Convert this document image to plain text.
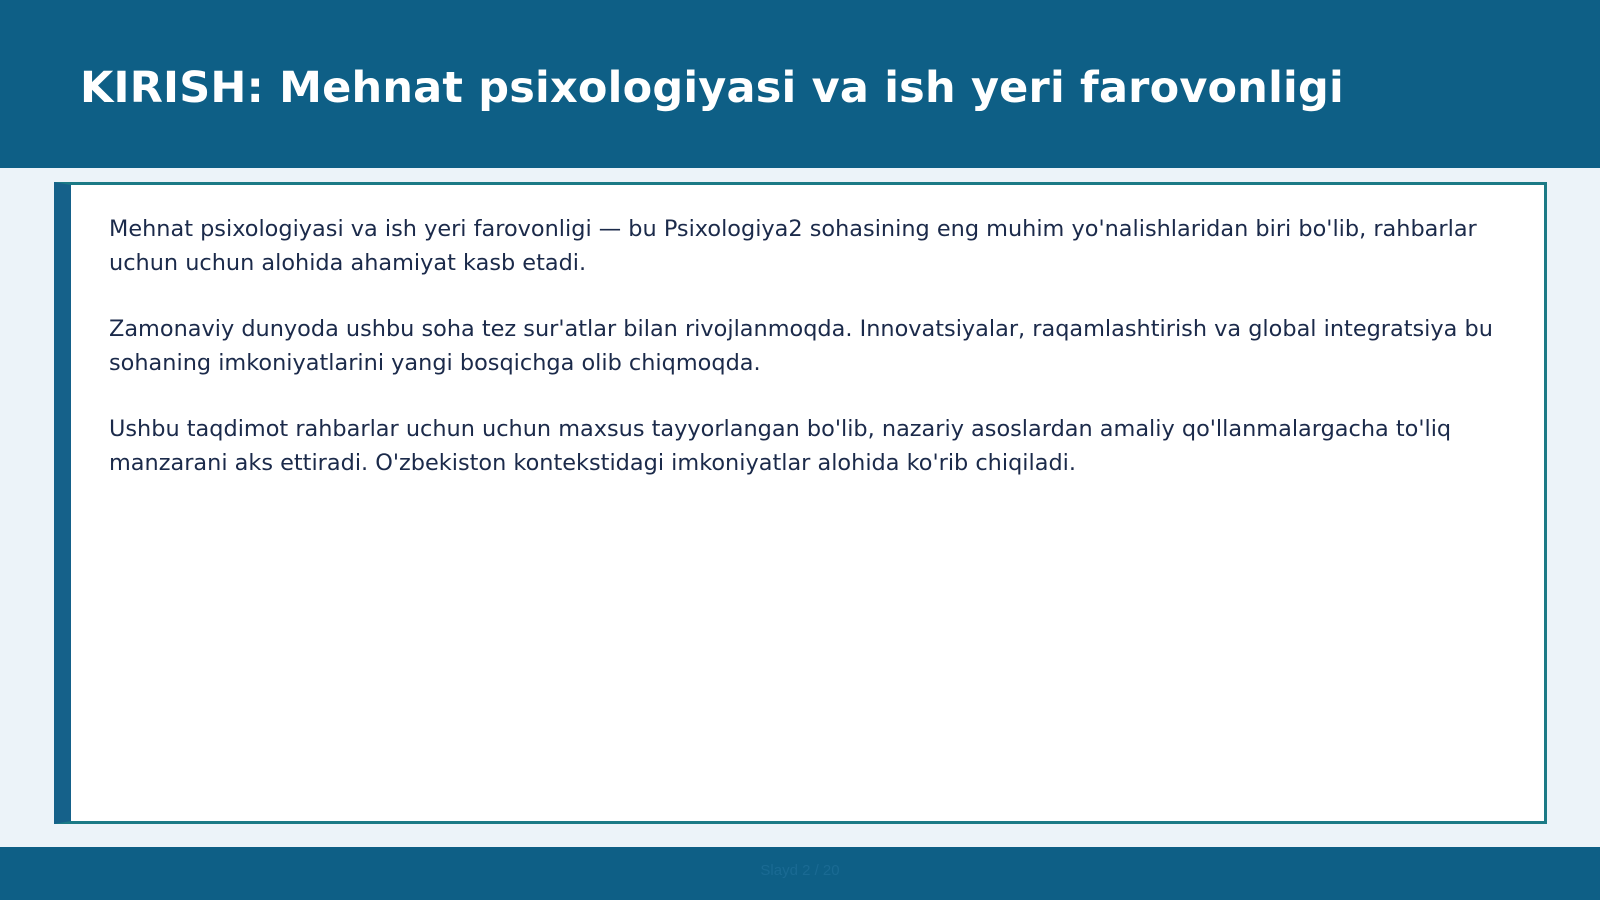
KIRISH: Mehnat psixologiyasi va ish yeri farovonligi

Mehnat psixologiyasi va ish yeri farovonligi — bu Psixologiya2 sohasining eng muhim yo'nalishlaridan biri bo'lib, rahbarlar uchun uchun alohida ahamiyat kasb etadi.

Zamonaviy dunyoda ushbu soha tez sur'atlar bilan rivojlanmoqda. Innovatsiyalar, raqamlashtirish va global integratsiya bu sohaning imkoniyatlarini yangi bosqichga olib chiqmoqda.

Ushbu taqdimot rahbarlar uchun uchun maxsus tayyorlangan bo'lib, nazariy asoslardan amaliy qo'llanmalargacha to'liq manzarani aks ettiradi. O'zbekiston kontekstidagi imkoniyatlar alohida ko'rib chiqiladi.

Slayd 2 / 20
